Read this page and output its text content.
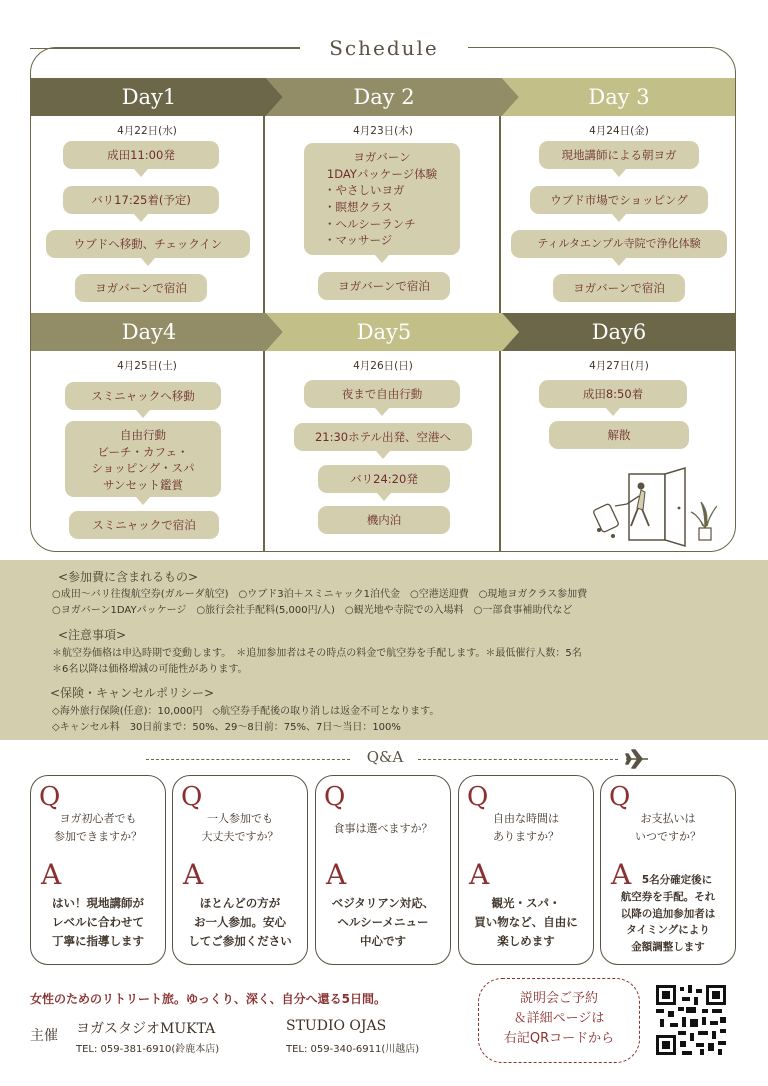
Schedule
Day1	Day 2	Day 3
Day4	Day5	Day6
4月22日(水)
成田11:00発
バリ17:25着(予定)
ウブドへ移動、チェックイン
ヨガバーンで宿泊
4月23日(木)
ヨガバーン
1DAYパッケージ体験
・やさしいヨガ
・瞑想クラス
・ヘルシーランチ
・マッサージ
ヨガバーンで宿泊
4月24日(金)
現地講師による朝ヨガ
ウブド市場でショッピング
ティルタエンプル寺院で浄化体験
ヨガバーンで宿泊
4月25日(土)
スミニャックへ移動
自由行動
ビーチ・カフェ・
ショッピング・スパ
サンセット鑑賞
スミニャックで宿泊
4月26日(日)
夜まで自由行動
21:30ホテル出発、空港へ
バリ24:20発
機内泊
4月27日(月)
成田8:50着
解散
<参加費に含まれるもの>
○成田～バリ往復航空券(ガルーダ航空)　○ウブド3泊＋スミニャック1泊代金　○空港送迎費　○現地ヨガクラス参加費
○ヨガバーン1DAYパッケージ　○旅行会社手配料(5,000円/人)　○観光地や寺院での入場料　○一部食事補助代など
<注意事項>
＊航空券価格は申込時期で変動します。　＊追加参加者はその時点の料金で航空券を手配します。＊最低催行人数：5名
＊6名以降は価格増減の可能性があります。
<保険・キャンセルポリシー>
◇海外旅行保険(任意)：10,000円　◇航空券手配後の取り消しは返金不可となります。
◇キャンセル料　30日前まで：50%、29～8日前：75%、7日～当日：100%
Q&A
Q
ヨガ初心者でも
参加できますか？
A
はい！現地講師が
レベルに合わせて
丁寧に指導します
Q
一人参加でも
大丈夫ですか？
A
ほとんどの方が
お一人参加。安心
してご参加ください
Q
食事は選べますか？
A
ベジタリアン対応、
ヘルシーメニュー
中心です
Q
自由な時間は
ありますか？
A
観光・スパ・
買い物など、自由に
楽しめます
Q
お支払いは
いつですか？
A	5名分確定後に
航空券を手配。それ
以降の追加参加者は
タイミングにより
金額調整します
女性のためのリトリート旅。ゆっくり、深く、自分へ還る5日間。
主催 ヨガスタジオMUKTA
TEL: 059-381-6910(鈴鹿本店)
STUDIO OJAS
TEL: 059-340-6911(川越店)
説明会ご予約
＆詳細ページは
右記QRコードから
